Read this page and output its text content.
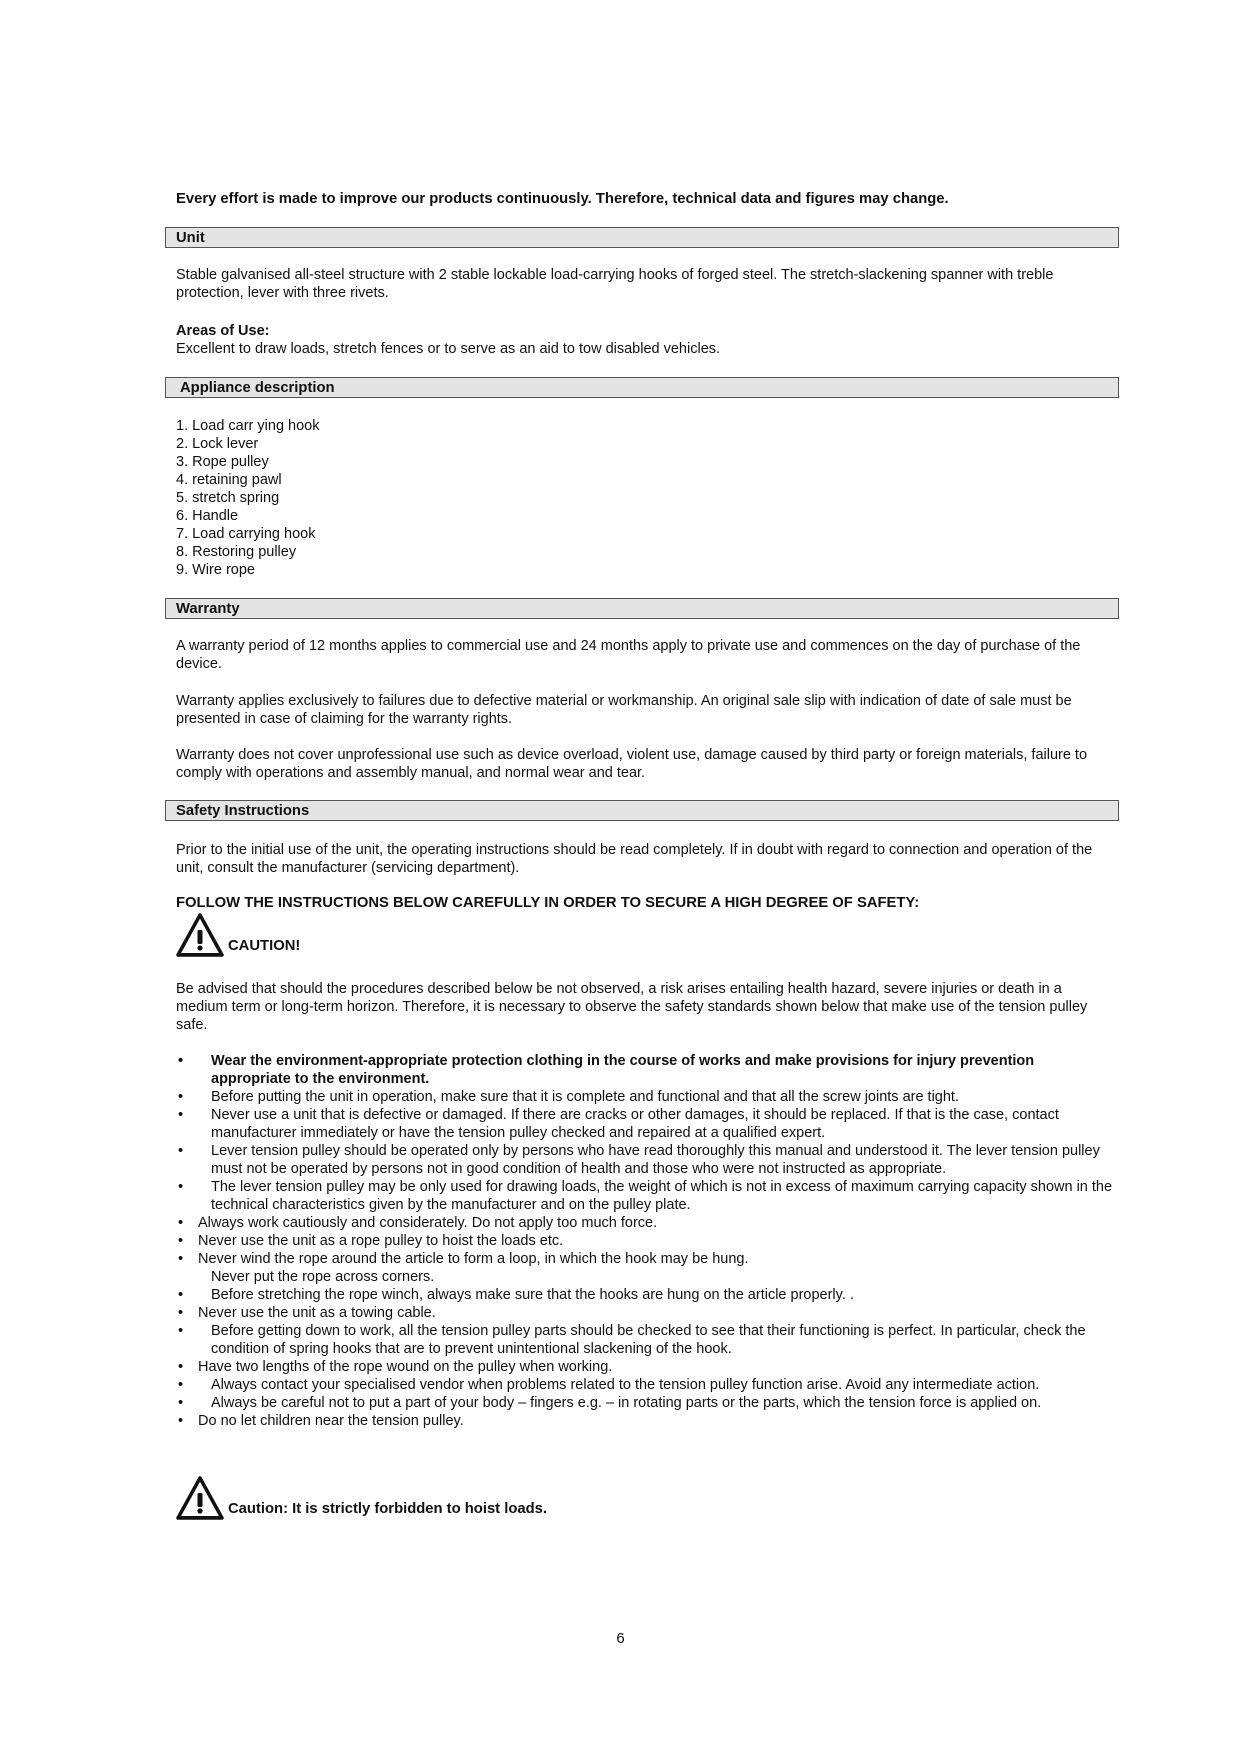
Every effort is made to improve our products continuously. Therefore, technical data and figures may change.
Unit
Stable galvanised all-steel structure with 2 stable lockable load-carrying hooks of forged steel. The stretch-slackening spanner with treble protection, lever with three rivets.
Areas of Use:
Excellent to draw loads, stretch fences or to serve as an aid to tow disabled vehicles.
Appliance description
1. Load carr ying hook
2. Lock lever
3. Rope pulley
4. retaining pawl
5. stretch spring
6. Handle
7. Load carrying hook
8. Restoring pulley
9. Wire rope
Warranty
A warranty period of 12 months applies to commercial use and 24 months apply to private use and commences on the day of purchase of the device.
Warranty applies exclusively to failures due to defective material or workmanship. An original sale slip with indication of date of sale must be presented in case of claiming for the warranty rights.
Warranty does not cover unprofessional use such as device overload, violent use, damage caused by third party or foreign materials, failure to comply with operations and assembly manual, and normal wear and tear.
Safety Instructions
Prior to the initial use of the unit, the operating instructions should be read completely. If in doubt with regard to connection and operation of the unit, consult the manufacturer (servicing department).
FOLLOW THE INSTRUCTIONS BELOW CAREFULLY IN ORDER TO SECURE A HIGH DEGREE OF SAFETY:
CAUTION!
Be advised that should the procedures described below be not observed, a risk arises entailing health hazard, severe injuries or death in a medium term or long-term horizon. Therefore, it is necessary to observe the safety standards shown below that make use of the tension pulley safe.
• Wear the environment-appropriate protection clothing in the course of works and make provisions for injury prevention appropriate to the environment.
• Before putting the unit in operation, make sure that it is complete and functional and that all the screw joints are tight.
• Never use a unit that is defective or damaged. If there are cracks or other damages, it should be replaced. If that is the case, contact manufacturer immediately or have the tension pulley checked and repaired at a qualified expert.
• Lever tension pulley should be operated only by persons who have read thoroughly this manual and understood it. The lever tension pulley must not be operated by persons not in good condition of health and those who were not instructed as appropriate.
• The lever tension pulley may be only used for drawing loads, the weight of which is not in excess of maximum carrying capacity shown in the technical characteristics given by the manufacturer and on the pulley plate.
• Always work cautiously and considerately. Do not apply too much force.
• Never use the unit as a rope pulley to hoist the loads etc.
• Never wind the rope around the article to form a loop, in which the hook may be hung.
Never put the rope across corners.
• Before stretching the rope winch, always make sure that the hooks are hung on the article properly. .
• Never use the unit as a towing cable.
• Before getting down to work, all the tension pulley parts should be checked to see that their functioning is perfect. In particular, check the condition of spring hooks that are to prevent unintentional slackening of the hook.
• Have two lengths of the rope wound on the pulley when working.
• Always contact your specialised vendor when problems related to the tension pulley function arise. Avoid any intermediate action.
• Always be careful not to put a part of your body – fingers e.g. – in rotating parts or the parts, which the tension force is applied on.
• Do no let children near the tension pulley.
Caution: It is strictly forbidden to hoist loads.
6
